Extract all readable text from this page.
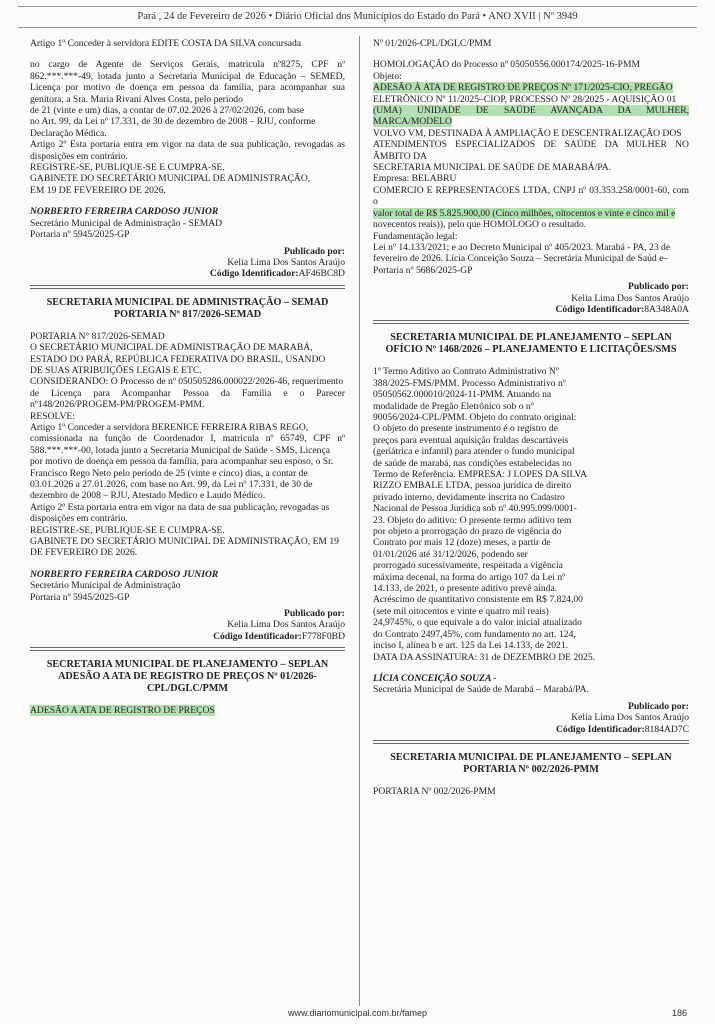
Pará , 24 de Fevereiro de 2026 • Diário Oficial dos Municípios do Estado do Pará • ANO XVII | Nº 3949

Artigo 1º Conceder à servidora EDITE COSTA DA SILVA concursada

no cargo de Agente de Serviços Gerais, matricula nº8275, CPF nº 862.***.***-49, lotada junto a Secretaria Municipal de Educação – SEMED, Licença por motivo de doença em pessoa da família, para acompanhar sua genitora, a Sra. Maria Rivani Alves Costa, pelo período

de 21 (vinte e um) dias, a contar de 07.02.2026 à 27/02/2026, com base

no Art. 99, da Lei nº 17.331, de 30 de dezembro de 2008 – RJU, conforme

Declaração Médica.

Artigo 2º Esta portaria entra em vigor na data de sua publicação, revogadas as disposições em contrário.

REGISTRE-SE, PUBLIQUE-SE E CUMPRA-SE.

GABINETE DO SECRETÁRIO MUNICIPAL DE ADMINISTRAÇÃO,

EM 19 DE FEVEREIRO DE 2026.

NORBERTO FERREIRA CARDOSO JUNIOR

Secretário Municipal de Administração - SEMAD

Portaria nº 5945/2025-GP

Publicado por:

Kelia Lima Dos Santos Araújo

Código Identificador:AF46BC8D

SECRETARIA MUNICIPAL DE ADMINISTRAÇÃO – SEMAD PORTARIA Nº 817/2026-SEMAD

PORTARIA N° 817/2026-SEMAD

O SECRETÁRIO MUNICIPAL DE ADMINISTRAÇÃO DE MARABÁ,

ESTADO DO PARÁ, REPÚBLICA FEDERATIVA DO BRASIL, USANDO

DE SUAS ATRIBUIÇÕES LEGAIS E ETC.

CONSIDERANDO: O Processo de nº 050505286.000022/2026-46, requerimento

de Licença para Acompanhar Pessoa da Família e o Parecer nº148/2026/PROGEM-PM/PROGEM-PMM.

RESOLVE:

Artigo 1º Conceder a servidora BERENICE FERREIRA RIBAS REGO,

comissionada na função de Coordenador I, matricula nº 65749, CPF nº 588.***.***-00, lotada junto a Secretaria Municipal de Saúde - SMS, Licença

por motivo de doença em pessoa da família, para acompanhar seu esposo, o Sr.

Francisco Rego Neto pelo período de 25 (vinte e cinco) dias, a contar de

03.01.2026 a 27.01.2026, com base no Art. 99, da Lei nº 17.331, de 30 de

dezembro de 2008 – RJU, Atestado Medico e Laudo Médico.

Artigo 2º Esta portaria entra em vigor na data de sua publicação, revogadas as

disposições em contrário.

REGISTRE-SE, PUBLIQUE-SE E CUMPRA-SE.

GABINETE DO SECRETÁRIO MUNICIPAL DE ADMINISTRAÇÃO, EM 19

DE FEVEREIRO DE 2026.

NORBERTO FERREIRA CARDOSO JUNIOR

Secretário Municipal de Administração

Portaria nº 5945/2025-GP

Publicado por:

Kelia Lima Dos Santos Araújo

Código Identificador:F778F0BD

SECRETARIA MUNICIPAL DE PLANEJAMENTO – SEPLAN ADESÃO A ATA DE REGISTRO DE PREÇOS Nº 01/2026-CPL/DGLC/PMM

ADESÃO A ATA DE REGISTRO DE PREÇOS

Nº 01/2026-CPL/DGLC/PMM

HOMOLOGAÇÃO do Processo nº 05050556.000174/2025-16-PMM

Objeto:

ADESÃO À ATA DE REGISTRO DE PREÇOS Nº 171/2025-CIO, PREGÃO

ELETRÔNICO Nº 11/2025–CIOP, PROCESSO Nº 28/2025 - AQUISIÇÃO 01

(UMA) UNIDADE DE SAÚDE AVANÇADA DA MULHER, MARCA/MODELO

VOLVO VM, DESTINADA À AMPLIAÇÃO E DESCENTRALIZAÇÃO DOS

ATENDIMENTOS ESPECIALIZADOS DE SAÚDE DA MULHER NO ÂMBITO DA

SECRETARIA MUNICIPAL DE SAÚDE DE MARABÁ/PA.

Empresa: BELABRU

COMERCIO E REPRESENTACOES LTDA, CNPJ nº 03.353.258/0001-60, com o

valor total de R$ 5.825.900,00 (Cinco milhões, oitocentos e vinte e cinco mil e

novecentos reais)), pelo que HOMOLOGO o resultado.

Fundamentação legal:

Lei nº 14.133/2021; e ao Decreto Municipal nº 405/2023. Marabá - PA, 23 de

fevereiro de 2026. Lícia Conceição Souza – Secretária Municipal de Saúd e–

Portaria nº 5686/2025-GP

Publicado por:

Kelia Lima Dos Santos Araújo

Código Identificador:8A348A0A

SECRETARIA MUNICIPAL DE PLANEJAMENTO – SEPLAN OFÍCIO Nº 1468/2026 – PLANEJAMENTO E LICITAÇÕES/SMS

1º Termo Aditivo ao Contrato Administrativo Nº

388/2025-FMS/PMM. Processo Administrativo nº

05050562.000010/2024-11-PMM. Atuando na

modalidade de Pregão Eletrônico sob o nº

90056/2024-CPL/PMM. Objeto do contrato original:

O objeto do presente instrumento é o registro de

preços para eventual aquisição fraldas descartáveis

(geriátrica e infantil) para atender o fundo municipal

de saúde de marabá, nas condições estabelecidas no

Termo de Referência. EMPRESA: J LOPES DA SILVA

RIZZO EMBALE LTDA, pessoa jurídica de direito

privado interno, devidamente inscrita no Cadastro

Nacional de Pessoa Jurídica sob nº 40.995.099/0001-

23. Objeto do aditivo: O presente termo aditivo tem

por objeto a prorrogação do prazo de vigência do

Contrato por mais 12 (doze) meses, a partir de

01/01/2026 até 31/12/2026, podendo ser

prorrogado sucessivamente, respeitada a vigência

máxima decenal, na forma do artigo 107 da Lei nº

14.133, de 2021, o presente aditivo prevê ainda.

Acréscimo de quantitativo consistente em R$ 7.824,00

(sete mil oitocentos e vinte e quatro mil reais)

24,9745%, o que equivale a do valor inicial atualizado

do Contrato 2497,45%, com fundamento no art. 124,

inciso I, alínea b e art. 125 da Lei 14.133, de 2021.

DATA DA ASSINATURA: 31 de DEZEMBRO DE 2025.

LÍCIA CONCEIÇÃO SOUZA -

Secretária Municipal de Saúde de Marabá – Marabá/PA.

Publicado por:

Kelia Lima Dos Santos Araújo

Código Identificador:8184AD7C

SECRETARIA MUNICIPAL DE PLANEJAMENTO – SEPLAN PORTARIA Nº 002/2026-PMM

PORTARIA Nº 002/2026-PMM

www.diariomunicipal.com.br/famep	186
